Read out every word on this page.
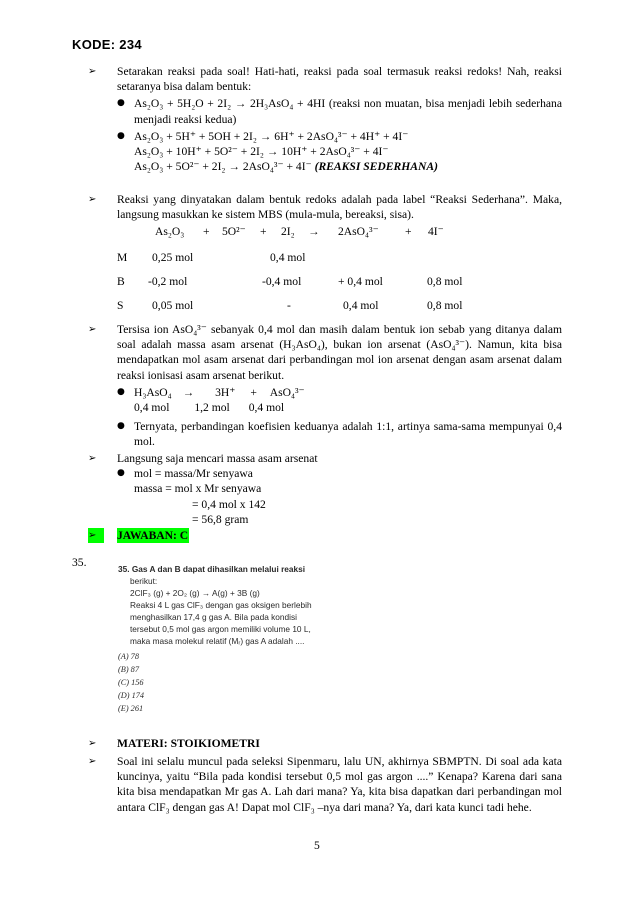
KODE: 234
➢	Setarakan reaksi pada soal! Hati-hati, reaksi pada soal termasuk reaksi redoks! Nah, reaksi setaranya bisa dalam bentuk:
● As₂O₃ + 5H₂O + 2I₂ → 2H₃AsO₄ + 4HI (reaksi non muatan, bisa menjadi lebih sederhana menjadi reaksi kedua)
● As₂O₃ + 5H⁺ + 5OH + 2I₂ → 6H⁺ + 2AsO₄³⁻ + 4H⁺ + 4I⁻
As₂O₃ + 10H⁺ + 5O²⁻ + 2I₂ → 10H⁺ + 2AsO₄³⁻ + 4I⁻
As₂O₃ + 5O²⁻ + 2I₂ → 2AsO₄³⁻ + 4I⁻ (REAKSI SEDERHANA)
➢	Reaksi yang dinyatakan dalam bentuk redoks adalah pada label “Reaksi Sederhana”. Maka, langsung masukkan ke sistem MBS (mula-mula, bereaksi, sisa).
As₂O₃ + 5O²⁻ + 2I₂ → 2AsO₄³⁻ + 4I⁻
M 0,25 mol	0,4 mol
B -0,2 mol	-0,4 mol	+ 0,4 mol	0,8 mol
S 0,05 mol	-	0,4 mol	0,8 mol
➢	Tersisa ion AsO₄³⁻ sebanyak 0,4 mol dan masih dalam bentuk ion sebab yang ditanya dalam soal adalah massa asam arsenat (H₃AsO₄), bukan ion arsenat (AsO₄³⁻). Namun, kita bisa mendapatkan mol asam arsenat dari perbandingan mol ion arsenat dengan asam arsenat dalam reaksi ionisasi asam arsenat berikut.
● H₃AsO₄ → 3H⁺ + AsO₄³⁻
0,4 mol 1,2 mol 0,4 mol
● Ternyata, perbandingan koefisien keduanya adalah 1:1, artinya sama-sama mempunyai 0,4 mol.
➢	Langsung saja mencari massa asam arsenat
● mol = massa/Mr senyawa
massa = mol x Mr senyawa
= 0,4 mol x 142
= 56,8 gram
➢	JAWABAN: C
35.	35. Gas A dan B dapat dihasilkan melalui reaksi
berikut:
2ClF₃ (g) + 2O₂ (g) → A(g) + 3B (g)
Reaksi 4 L gas ClF₃ dengan gas oksigen berlebih
menghasilkan 17,4 g gas A. Bila pada kondisi
tersebut 0,5 mol gas argon memiliki volume 10 L,
maka masa molekul relatif (Mᵣ) gas A adalah ....
(A) 78
(B) 87
(C) 156
(D) 174
(E) 261
➢	MATERI: STOIKIOMETRI
➢	Soal ini selalu muncul pada seleksi Sipenmaru, lalu UN, akhirnya SBMPTN. Di soal ada kata kuncinya, yaitu “Bila pada kondisi tersebut 0,5 mol gas argon ....” Kenapa? Karena dari sana kita bisa mendapatkan Mr gas A. Lah dari mana? Ya, kita bisa dapatkan dari perbandingan mol antara ClF₃ dengan gas A! Dapat mol ClF₃ –nya dari mana? Ya, dari kata kunci tadi hehe.
5
